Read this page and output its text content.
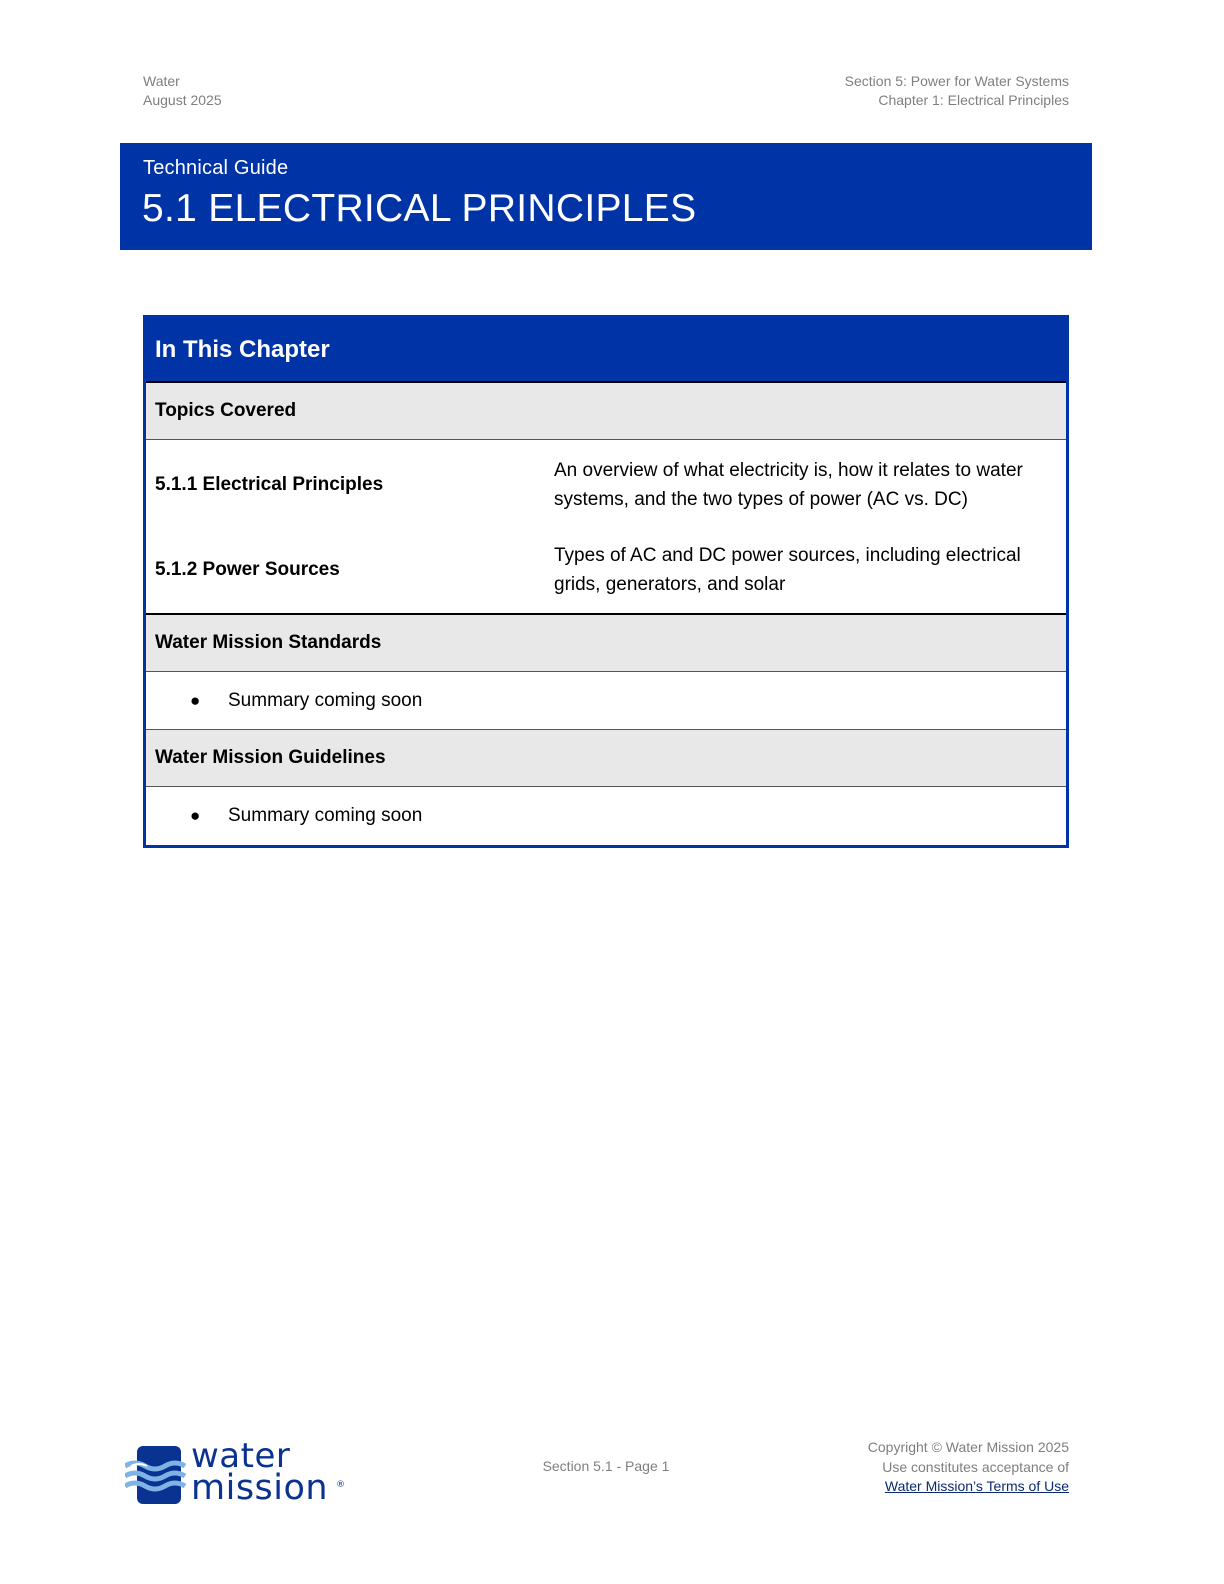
Water
August 2025
Section 5: Power for Water Systems
Chapter 1: Electrical Principles
Technical Guide
5.1 ELECTRICAL PRINCIPLES
In This Chapter
Topics Covered
5.1.1 Electrical Principles
An overview of what electricity is, how it relates to water systems, and the two types of power (AC vs. DC)
5.1.2 Power Sources
Types of AC and DC power sources, including electrical grids, generators, and solar
Water Mission Standards
●	Summary coming soon
Water Mission Guidelines
●	Summary coming soon
water
mission ®
Section 5.1 - Page 1
Copyright © Water Mission 2025
Use constitutes acceptance of
Water Mission’s Terms of Use
